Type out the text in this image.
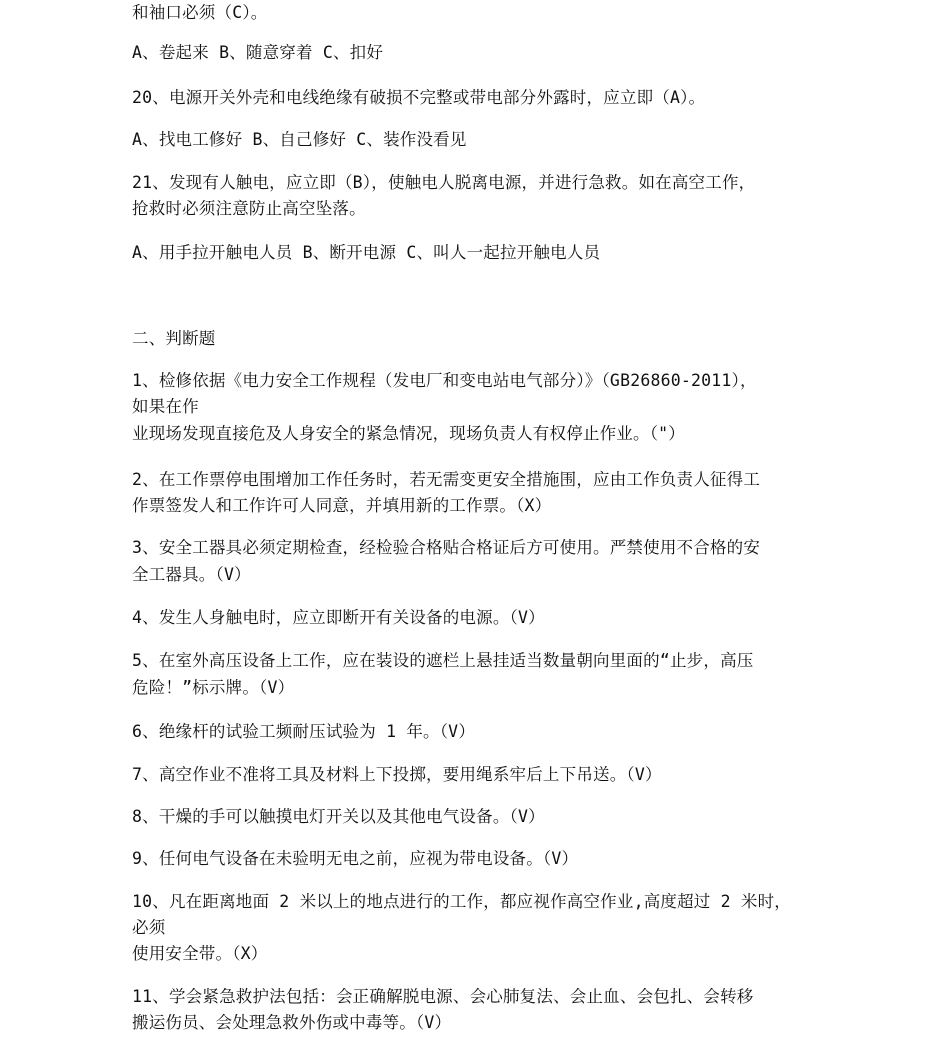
和袖口必须（C）。
A、卷起来 B、随意穿着 C、扣好
20、电源开关外壳和电线绝缘有破损不完整或带电部分外露时，应立即（A）。
A、找电工修好 B、自己修好 C、装作没看见
21、发现有人触电，应立即（B），使触电人脱离电源，并进行急救。如在高空工作，
抢救时必须注意防止高空坠落。
A、用手拉开触电人员 B、断开电源 C、叫人一起拉开触电人员
二、判断题
1、检修依据《电力安全工作规程（发电厂和变电站电气部分）》（GB26860-2011），
如果在作
业现场发现直接危及人身安全的紧急情况，现场负责人有权停止作业。（"）
2、在工作票停电围增加工作任务时，若无需变更安全措施围，应由工作负责人征得工
作票签发人和工作许可人同意，并填用新的工作票。（X）
3、安全工器具必须定期检查，经检验合格贴合格证后方可使用。严禁使用不合格的安
全工器具。（V）
4、发生人身触电时，应立即断开有关设备的电源。（V）
5、在室外高压设备上工作，应在装设的遮栏上悬挂适当数量朝向里面的“止步，高压
危险！”标示牌。（V）
6、绝缘杆的试验工频耐压试验为 1 年。（V）
7、高空作业不准将工具及材料上下投掷，要用绳系牢后上下吊送。（V）
8、干燥的手可以触摸电灯开关以及其他电气设备。（V）
9、任何电气设备在未验明无电之前，应视为带电设备。（V）
10、凡在距离地面 2 米以上的地点进行的工作，都应视作高空作业,高度超过 2 米时，
必须
使用安全带。（X）
11、学会紧急救护法包括：会正确解脱电源、会心肺复法、会止血、会包扎、会转移
搬运伤员、会处理急救外伤或中毒等。（V）
